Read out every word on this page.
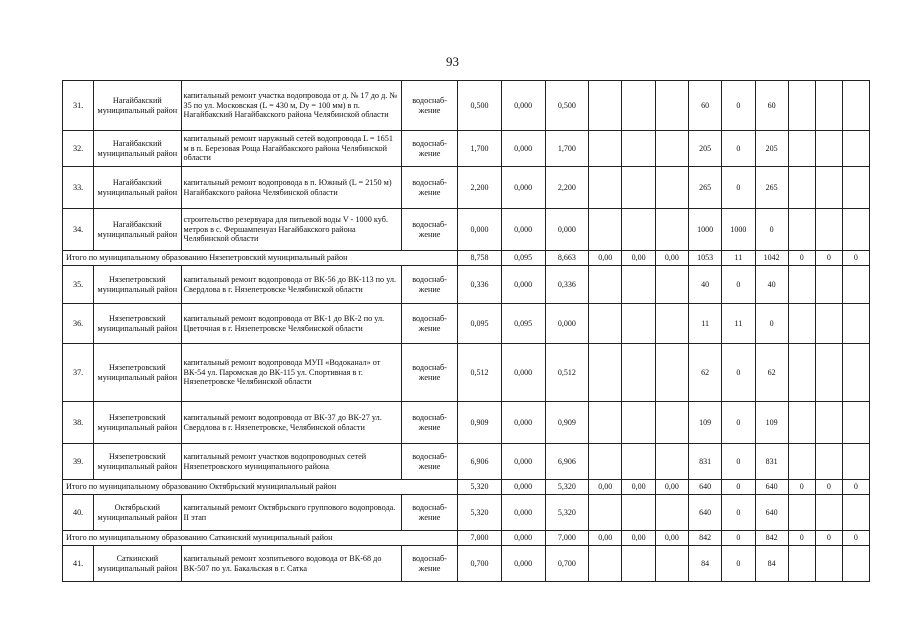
93
31.	Нагайбакский муниципальный район	капитальный ремонт участка водопровода от д. № 17 до д. № 35 по ул. Московская (L = 430 м, Dу = 100 мм) в п. Нагайбакский Нагайбакского района Челябинской области	водоснаб-жение	0,500	0,000	0,500				60	0	60			
32.	Нагайбакский муниципальный район	капитальный ремонт наружный сетей водопровода L = 1651 м в п. Березовая Роща Нагайбакского района Челябинской области	водоснаб-жение	1,700	0,000	1,700				205	0	205			
33.	Нагайбакский муниципальный район	капитальный ремонт водопровода в п. Южный (L = 2150 м) Нагайбакского района Челябинской области	водоснаб-жение	2,200	0,000	2,200				265	0	265			
34.	Нагайбакский муниципальный район	строительство резервуара для питьевой воды V - 1000 куб. метров в с. Фершампенуаз Нагайбакского района Челябинской области	водоснаб-жение	0,000	0,000	0,000				1000	1000	0			
Итого по муниципальному образованию Нязепетровский муниципальный район				8,758	0,095	8,663	0,00	0,00	0,00	1053	11	1042	0	0	0
35.	Нязепетровский муниципальный район	капитальный ремонт водопровода от ВК-56 до ВК-113 по ул. Свердлова в г. Нязепетровске Челябинской области	водоснаб-жение	0,336	0,000	0,336				40	0	40			
36.	Нязепетровский муниципальный район	капитальный ремонт водопровода от ВК-1 до ВК-2 по ул. Цветочная в г. Нязепетровске Челябинской области	водоснаб-жение	0,095	0,095	0,000				11	11	0			
37.	Нязепетровский муниципальный район	капитальный ремонт водопровода МУП «Водоканал» от ВК-54 ул. Паромская до ВК-115 ул. Спортивная в г. Нязепетровске Челябинской области	водоснаб-жение	0,512	0,000	0,512				62	0	62			
38.	Нязепетровский муниципальный район	капитальный ремонт водопровода от ВК-37 до ВК-27 ул. Свердлова в г. Нязепетровске, Челябинской области	водоснаб-жение	0,909	0,000	0,909				109	0	109			
39.	Нязепетровский муниципальный район	капитальный ремонт участков водопроводных сетей Нязепетровского муниципального района	водоснаб-жение	6,906	0,000	6,906				831	0	831			
Итого по муниципальному образованию Октябрьский муниципальный район				5,320	0,000	5,320	0,00	0,00	0,00	640	0	640	0	0	0
40.	Октябрьский муниципальный район	капитальный ремонт Октябрьского группового водопровода. II этап	водоснаб-жение	5,320	0,000	5,320				640	0	640			
Итого по муниципальному образованию Саткинский муниципальный район				7,000	0,000	7,000	0,00	0,00	0,00	842	0	842	0	0	0
41.	Саткинский муниципальный район	капитальный ремонт хозпитьевого водовода от ВК-68 до ВК-507 по ул. Бакальская в г. Сатка	водоснаб-жение	0,700	0,000	0,700				84	0	84			
